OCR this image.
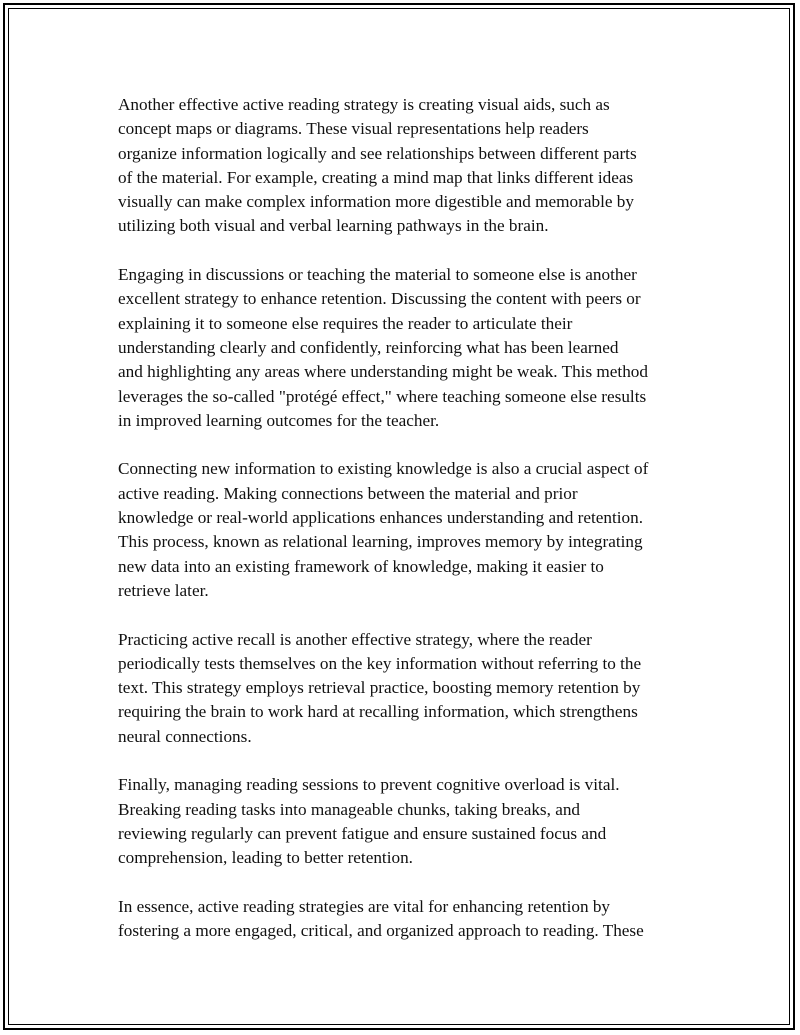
Another effective active reading strategy is creating visual aids, such as
concept maps or diagrams. These visual representations help readers
organize information logically and see relationships between different parts
of the material. For example, creating a mind map that links different ideas
visually can make complex information more digestible and memorable by
utilizing both visual and verbal learning pathways in the brain.

Engaging in discussions or teaching the material to someone else is another
excellent strategy to enhance retention. Discussing the content with peers or
explaining it to someone else requires the reader to articulate their
understanding clearly and confidently, reinforcing what has been learned
and highlighting any areas where understanding might be weak. This method
leverages the so-called "protégé effect," where teaching someone else results
in improved learning outcomes for the teacher.

Connecting new information to existing knowledge is also a crucial aspect of
active reading. Making connections between the material and prior
knowledge or real-world applications enhances understanding and retention.
This process, known as relational learning, improves memory by integrating
new data into an existing framework of knowledge, making it easier to
retrieve later.

Practicing active recall is another effective strategy, where the reader
periodically tests themselves on the key information without referring to the
text. This strategy employs retrieval practice, boosting memory retention by
requiring the brain to work hard at recalling information, which strengthens
neural connections.

Finally, managing reading sessions to prevent cognitive overload is vital.
Breaking reading tasks into manageable chunks, taking breaks, and
reviewing regularly can prevent fatigue and ensure sustained focus and
comprehension, leading to better retention.

In essence, active reading strategies are vital for enhancing retention by
fostering a more engaged, critical, and organized approach to reading. These
